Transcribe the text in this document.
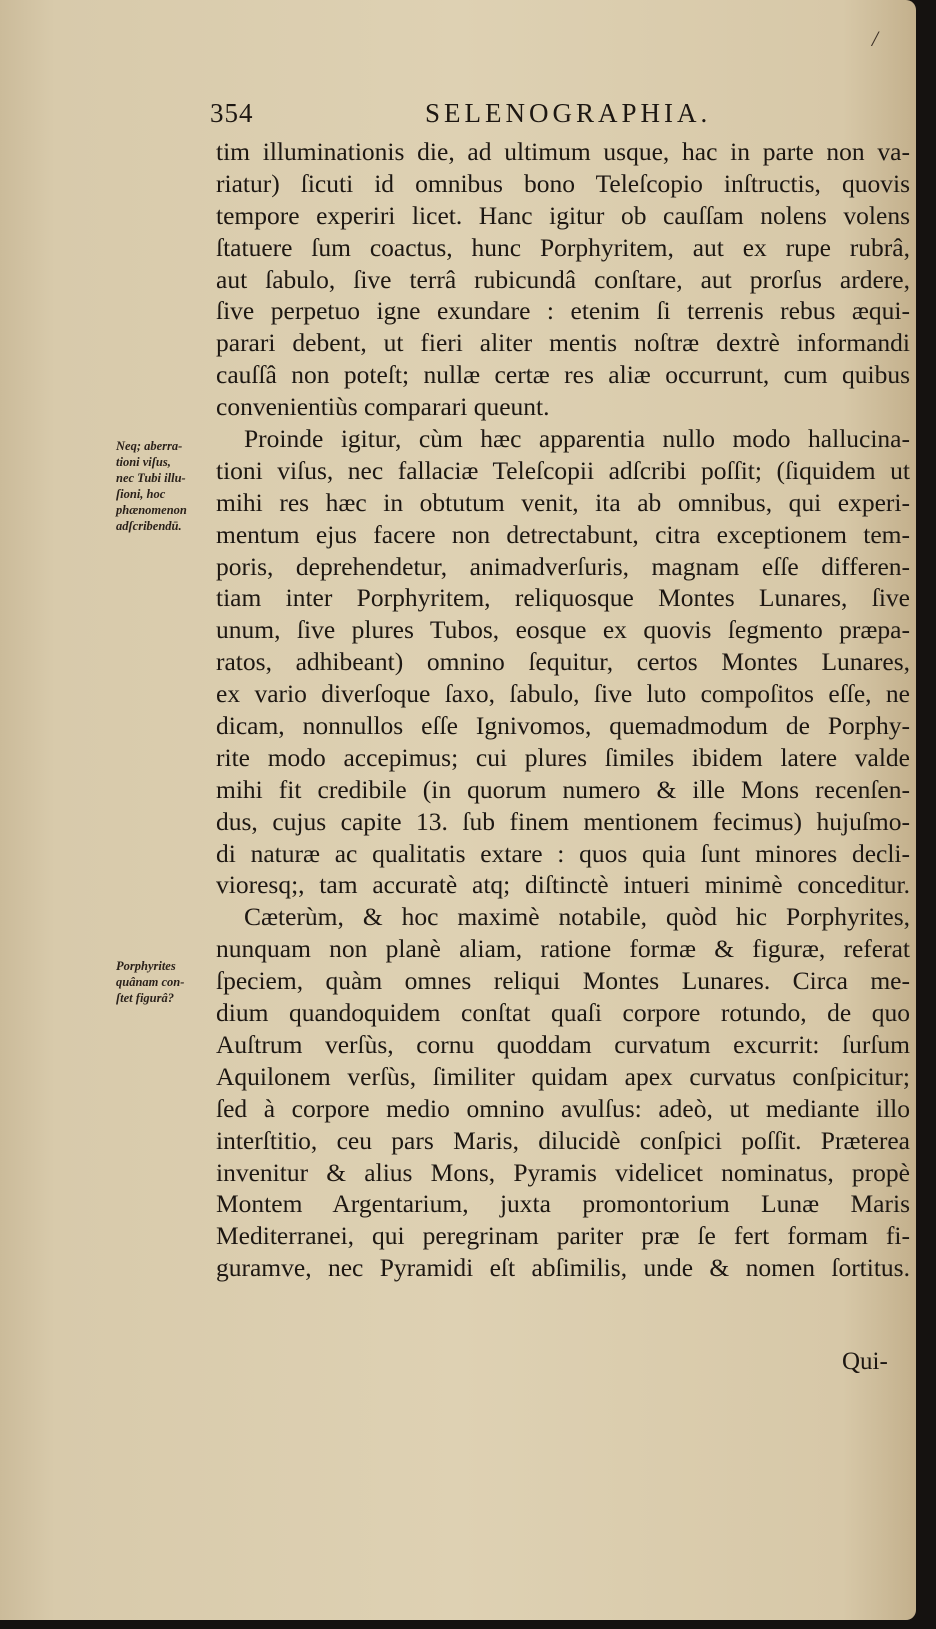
/
354	SELENOGRAPHIA.
tim illuminationis die, ad ultimum usque, hac in parte non va-
riatur) ſicuti id omnibus bono Teleſcopio inſtructis, quovis
tempore experiri licet. Hanc igitur ob cauſſam nolens volens
ſtatuere ſum coactus, hunc Porphyritem, aut ex rupe rubrâ,
aut ſabulo, ſive terrâ rubicundâ conſtare, aut prorſus ardere,
ſive perpetuo igne exundare : etenim ſi terrenis rebus æqui-
parari debent, ut fieri aliter mentis noſtræ dextrè informandi
cauſſâ non poteſt; nullæ certæ res aliæ occurrunt, cum quibus
convenientiùs comparari queunt.
Proinde igitur, cùm hæc apparentia nullo modo hallucina-
tioni viſus, nec fallaciæ Teleſcopii adſcribi poſſit; (ſiquidem ut
mihi res hæc in obtutum venit, ita ab omnibus, qui experi-
mentum ejus facere non detrectabunt, citra exceptionem tem-
poris, deprehendetur, animadverſuris, magnam eſſe differen-
tiam inter Porphyritem, reliquosque Montes Lunares, ſive
unum, ſive plures Tubos, eosque ex quovis ſegmento præpa-
ratos, adhibeant) omnino ſequitur, certos Montes Lunares,
ex vario diverſoque ſaxo, ſabulo, ſive luto compoſitos eſſe, ne
dicam, nonnullos eſſe Ignivomos, quemadmodum de Porphy-
rite modo accepimus; cui plures ſimiles ibidem latere valde
mihi fit credibile (in quorum numero & ille Mons recenſen-
dus, cujus capite 13. ſub finem mentionem fecimus) hujuſmo-
di naturæ ac qualitatis extare : quos quia ſunt minores decli-
vioresq;, tam accuratè atq; diſtinctè intueri minimè conceditur.
Cæterùm, & hoc maximè notabile, quòd hic Porphyrites,
nunquam non planè aliam, ratione formæ & figuræ, referat
ſpeciem, quàm omnes reliqui Montes Lunares. Circa me-
dium quandoquidem conſtat quaſi corpore rotundo, de quo
Auſtrum verſùs, cornu quoddam curvatum excurrit: ſurſum
Aquilonem verſùs, ſimiliter quidam apex curvatus conſpicitur;
ſed à corpore medio omnino avulſus: adeò, ut mediante illo
interſtitio, ceu pars Maris, dilucidè conſpici poſſit. Præterea
invenitur & alius Mons, Pyramis videlicet nominatus, propè
Montem Argentarium, juxta promontorium Lunæ Maris
Mediterranei, qui peregrinam pariter præ ſe fert formam fi-
guramve, nec Pyramidi eſt abſimilis, unde & nomen ſortitus.
Qui-
Neq; aberra-
tioni viſus,
nec Tubi illu-
ſioni, hoc
phænomenon
adſcribendū.
Porphyrites
quânam con-
ſtet figurâ?
